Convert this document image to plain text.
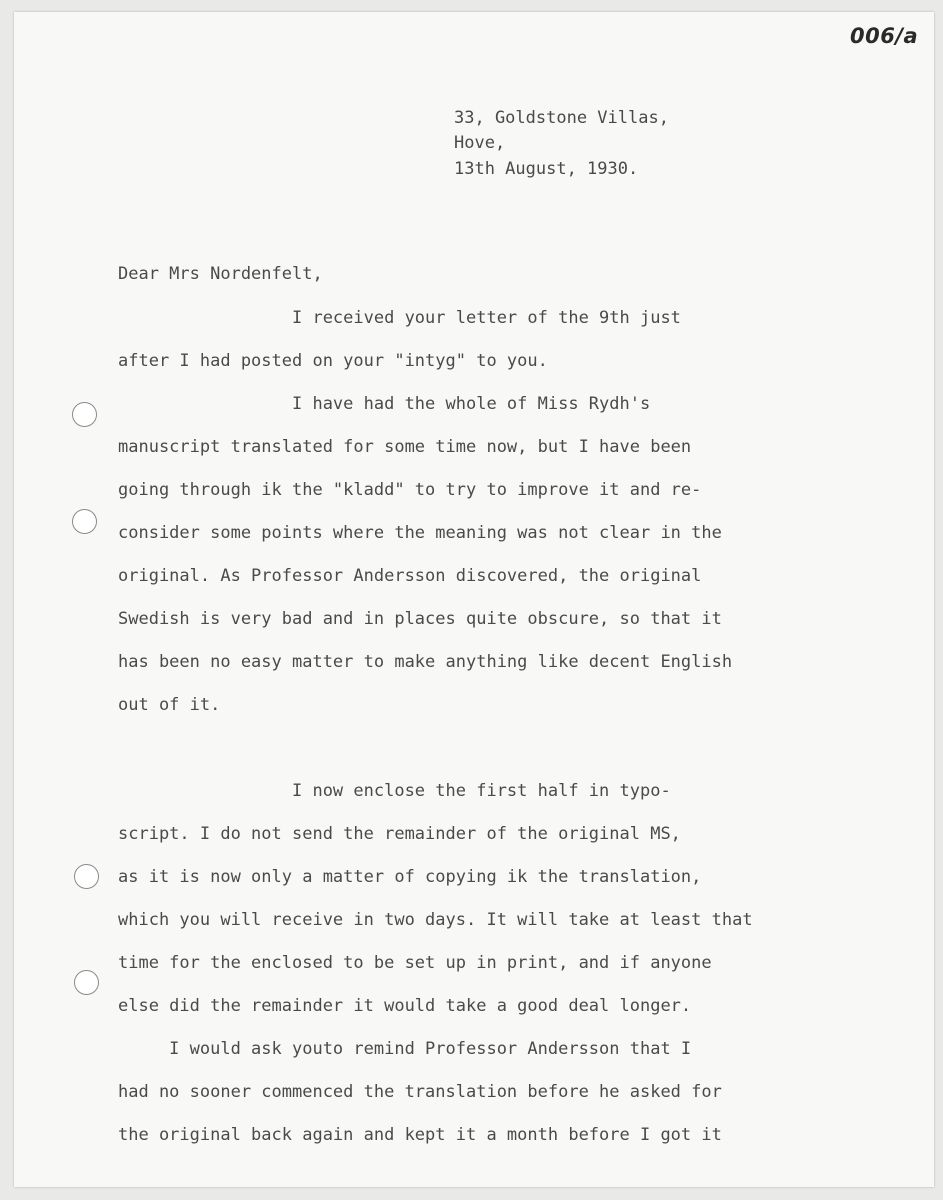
006/a
33, Goldstone Villas,
Hove,
13th August, 1930.
Dear Mrs Nordenfelt,
I received your letter of the 9th just
after I had posted on your "intyg" to you.
I have had the whole of Miss Rydh's
manuscript translated for some time now, but I have been
going through ik the "kladd" to try to improve it and re-
consider some points where the meaning was not clear in the
original. As Professor Andersson discovered, the original
Swedish is very bad and in places quite obscure, so that it
has been no easy matter to make anything like decent English
out of it.
I now enclose the first half in typo-
script. I do not send the remainder of the original MS,
as it is now only a matter of copying ik the translation,
which you will receive in two days. It will take at least that
time for the enclosed to be set up in print, and if anyone
else did the remainder it would take a good deal longer.
I would ask youto remind Professor Andersson that I
had no sooner commenced the translation before he asked for
the original back again and kept it a month before I got it
